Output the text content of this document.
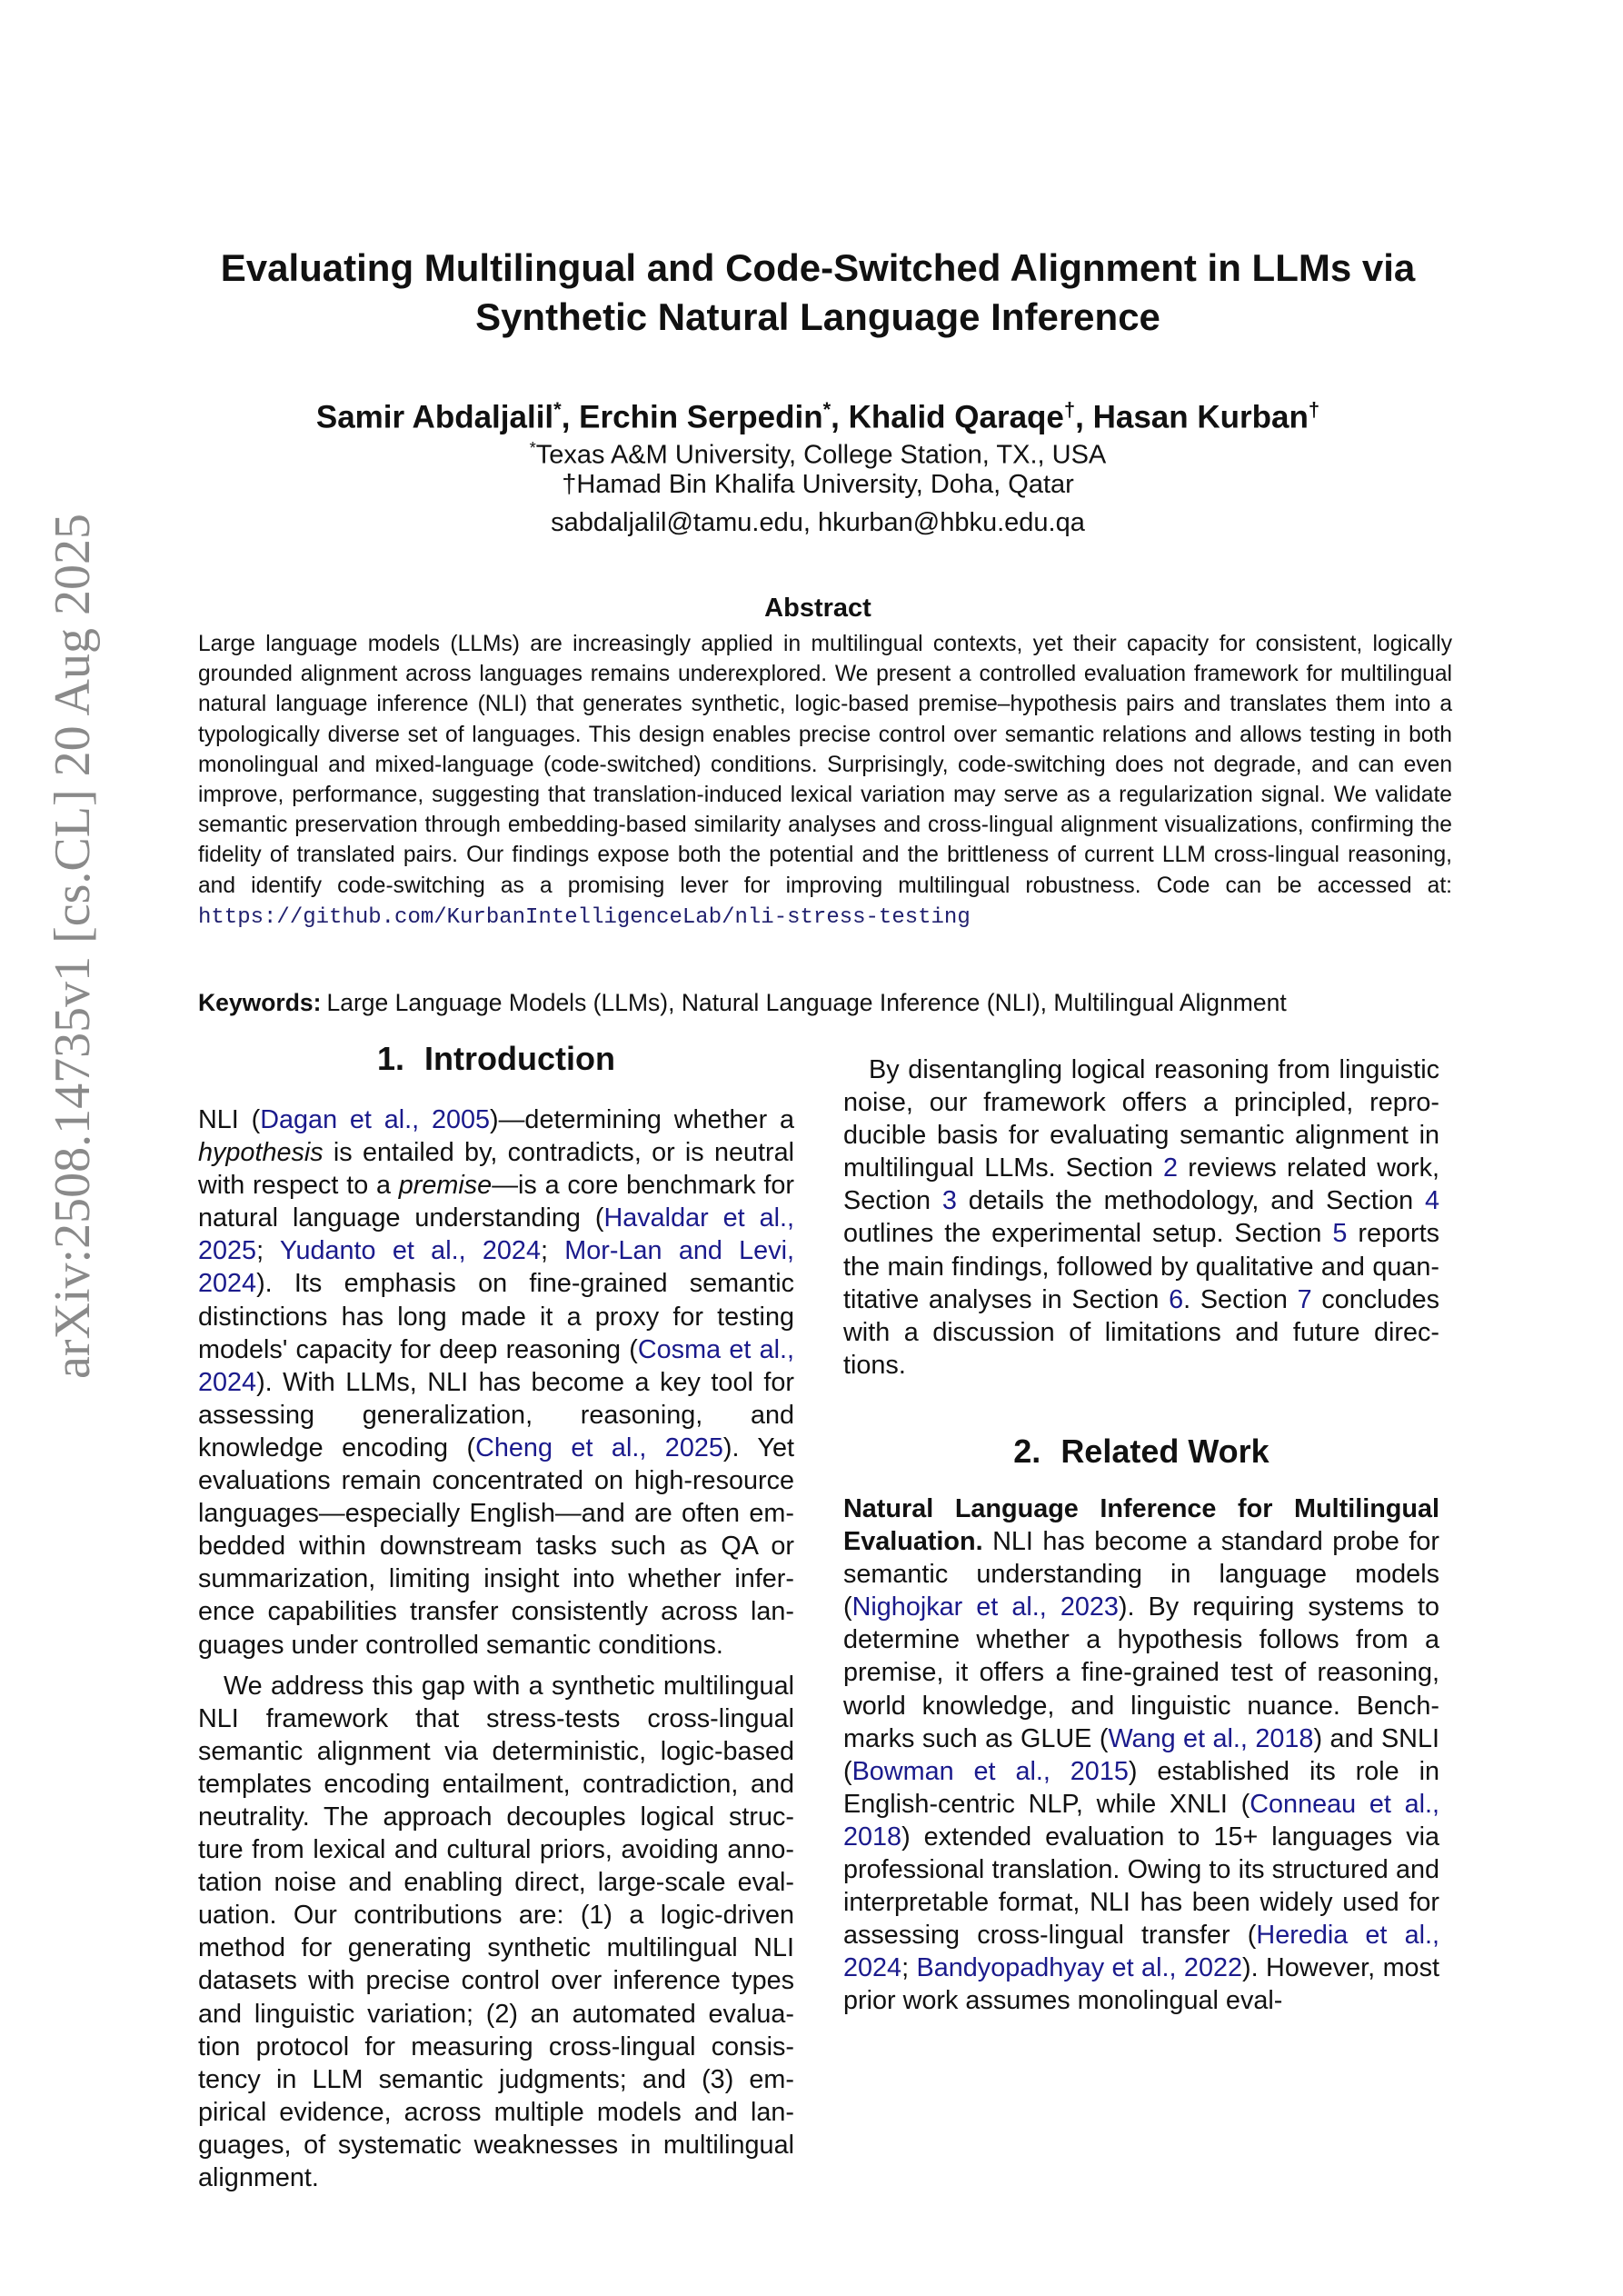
arXiv:2508.14735v1 [cs.CL] 20 Aug 2025
Evaluating Multilingual and Code-Switched Alignment in LLMs via
Synthetic Natural Language Inference
Samir Abdaljalil*, Erchin Serpedin*, Khalid Qaraqe†, Hasan Kurban†
*Texas A&M University, College Station, TX., USA
†Hamad Bin Khalifa University, Doha, Qatar
sabdaljalil@tamu.edu, hkurban@hbku.edu.qa
Abstract

Large language models (LLMs) are increasingly applied in multilingual contexts, yet their capacity for consistent, logically grounded alignment across languages remains underexplored. We present a controlled evaluation framework for multilingual natural language inference (NLI) that generates synthetic, logic-based premise–hypothesis pairs and translates them into a typologically diverse set of languages. This design enables precise control over semantic relations and allows testing in both monolingual and mixed-language (code-switched) conditions. Surprisingly, code-switching does not degrade, and can even improve, performance, suggesting that translation-induced lexical variation may serve as a regularization signal. We validate semantic preservation through embedding-based similarity analyses and cross-lingual alignment visualizations, confirming the fidelity of translated pairs. Our findings expose both the potential and the brittleness of current LLM cross-lingual reasoning, and identify code-switching as a promising lever for improving multilingual robustness. Code can be accessed at: https://github.com/KurbanIntelligenceLab/nli-stress-testing

Keywords: Large Language Models (LLMs), Natural Language Inference (NLI), Multilingual Alignment
1. Introduction

NLI (Dagan et al., 2005)—determining whether a hypothesis is entailed by, contradicts, or is neutral with respect to a premise—is a core benchmark for natural language understanding (Havaldar et al., 2025; Yudanto et al., 2024; Mor-Lan and Levi, 2024). Its emphasis on fine-grained semantic distinctions has long made it a proxy for testing models' capacity for deep reasoning (Cosma et al., 2024). With LLMs, NLI has become a key tool for assessing generalization, reasoning, and knowledge encoding (Cheng et al., 2025). Yet evaluations remain concentrated on high-resource languages—especially English—and are often embedded within downstream tasks such as QA or summarization, limiting insight into whether inference capabilities transfer consistently across languages under controlled semantic conditions.

We address this gap with a synthetic multilingual NLI framework that stress-tests cross-lingual semantic alignment via deterministic, logic-based templates encoding entailment, contradiction, and neutrality. The approach decouples logical structure from lexical and cultural priors, avoiding annotation noise and enabling direct, large-scale evaluation. Our contributions are: (1) a logic-driven method for generating synthetic multilingual NLI datasets with precise control over inference types and linguistic variation; (2) an automated evaluation protocol for measuring cross-lingual consistency in LLM semantic judgments; and (3) empirical evidence, across multiple models and languages, of systematic weaknesses in multilingual alignment.

By disentangling logical reasoning from linguistic noise, our framework offers a principled, reproducible basis for evaluating semantic alignment in multilingual LLMs. Section 2 reviews related work, Section 3 details the methodology, and Section 4 outlines the experimental setup. Section 5 reports the main findings, followed by qualitative and quantitative analyses in Section 6. Section 7 concludes with a discussion of limitations and future directions.

2. Related Work

Natural Language Inference for Multilingual Evaluation. NLI has become a standard probe for semantic understanding in language models (Nighojkar et al., 2023). By requiring systems to determine whether a hypothesis follows from a premise, it offers a fine-grained test of reasoning, world knowledge, and linguistic nuance. Benchmarks such as GLUE (Wang et al., 2018) and SNLI (Bowman et al., 2015) established its role in English-centric NLP, while XNLI (Conneau et al., 2018) extended evaluation to 15+ languages via professional translation. Owing to its structured and interpretable format, NLI has been widely used for assessing cross-lingual transfer (Heredia et al., 2024; Bandyopadhyay et al., 2022). However, most prior work assumes monolingual eval-
